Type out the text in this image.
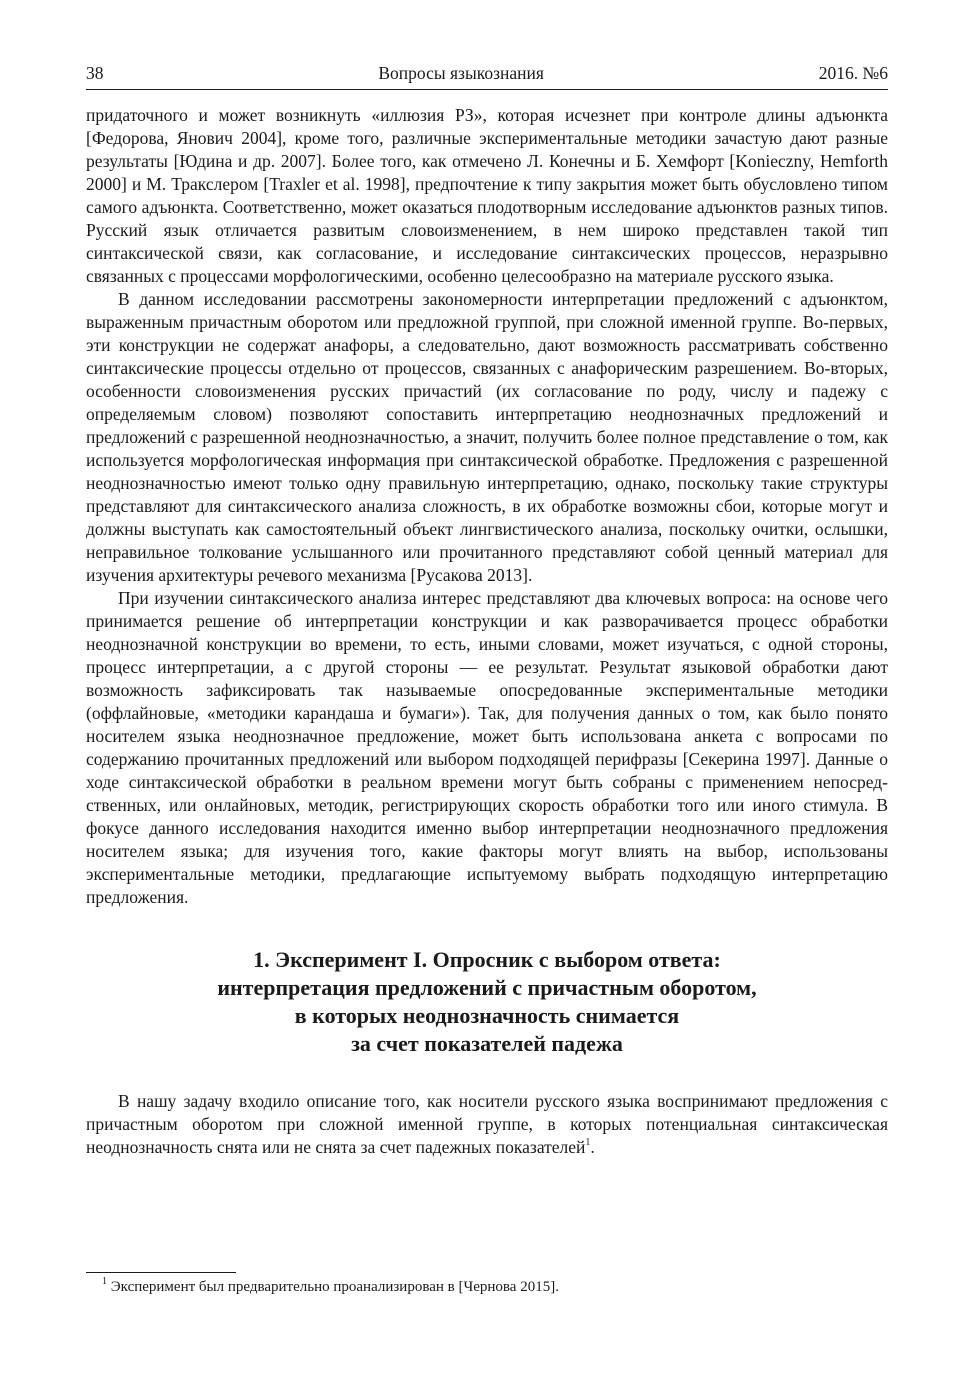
38	Вопросы языкознания	2016. №6

придаточного и может возникнуть «иллюзия РЗ», которая исчезнет при контроле длины адъюнкта [Федорова, Янович 2004], кроме того, различные экспериментальные методики зачастую дают разные результаты [Юдина и др. 2007]. Более того, как отмечено Л. Конечны и Б. Хемфорт [Konieczny, Hemforth 2000] и М. Тракслером [Traxler et al. 1998], предпочтение к типу закрытия может быть обусловлено типом самого адъюнкта. Соответственно, может оказаться плодотворным исследование адъюнктов разных типов. Русский язык отличается развитым словоизменением, в нем широко представлен такой тип синтаксической связи, как согласование, и исследование синтаксических процессов, неразрывно связанных с процессами морфологическими, особенно целесообразно на материале русского языка.

В данном исследовании рассмотрены закономерности интерпретации предложений с адъюнктом, выраженным причастным оборотом или предложной группой, при сложной именной группе. Во-первых, эти конструкции не содержат анафоры, а следовательно, дают возможность рассматривать собственно синтаксические процессы отдельно от процессов, связанных с анафорическим разрешением. Во-вторых, особенности словоизменения русских причастий (их согласование по роду, числу и падежу с определяемым словом) позволяют сопоставить интерпретацию неоднозначных предложений и предложений с разрешенной неоднозначностью, а значит, получить более полное представление о том, как используется морфологическая информация при синтаксической обработке. Предложения с разрешенной неоднозначностью имеют только одну правильную интерпретацию, однако, поскольку такие структуры представляют для синтаксического анализа сложность, в их обработке возможны сбои, которые могут и должны выступать как самостоятельный объект лингвистического анализа, поскольку очитки, ослышки, неправильное толкование услышанного или прочитанного представляют собой ценный материал для изучения архитектуры речевого механизма [Русакова 2013].

При изучении синтаксического анализа интерес представляют два ключевых вопроса: на основе чего принимается решение об интерпретации конструкции и как разворачивается процесс обработки неоднозначной конструкции во времени, то есть, иными словами, может изучаться, с одной стороны, процесс интерпретации, а с другой стороны — ее результат. Результат языковой обработки дают возможность зафиксировать так называемые опосредованные экспериментальные методики (оффлайновые, «методики карандаша и бумаги»). Так, для получения данных о том, как было понято носителем языка неоднозначное предложение, может быть использована анкета с вопросами по содержанию прочитанных предложений или выбором подходящей перифразы [Секерина 1997]. Данные о ходе синтаксической обработки в реальном времени могут быть собраны с применением непосредственных, или онлайновых, методик, регистрирующих скорость обработки того или иного стимула. В фокусе данного исследования находится именно выбор интерпретации неоднозначного предложения носителем языка; для изучения того, какие факторы могут влиять на выбор, использованы экспериментальные методики, предлагающие испытуемому выбрать подходящую интерпретацию предложения.

1. Эксперимент I. Опросник с выбором ответа:
интерпретация предложений с причастным оборотом,
в которых неоднозначность снимается
за счет показателей падежа

В нашу задачу входило описание того, как носители русского языка воспринимают предложения с причастным оборотом при сложной именной группе, в которых потенциальная синтаксическая неоднозначность снята или не снята за счет падежных показателей$^1$.

$^1$ Эксперимент был предварительно проанализирован в [Чернова 2015].
